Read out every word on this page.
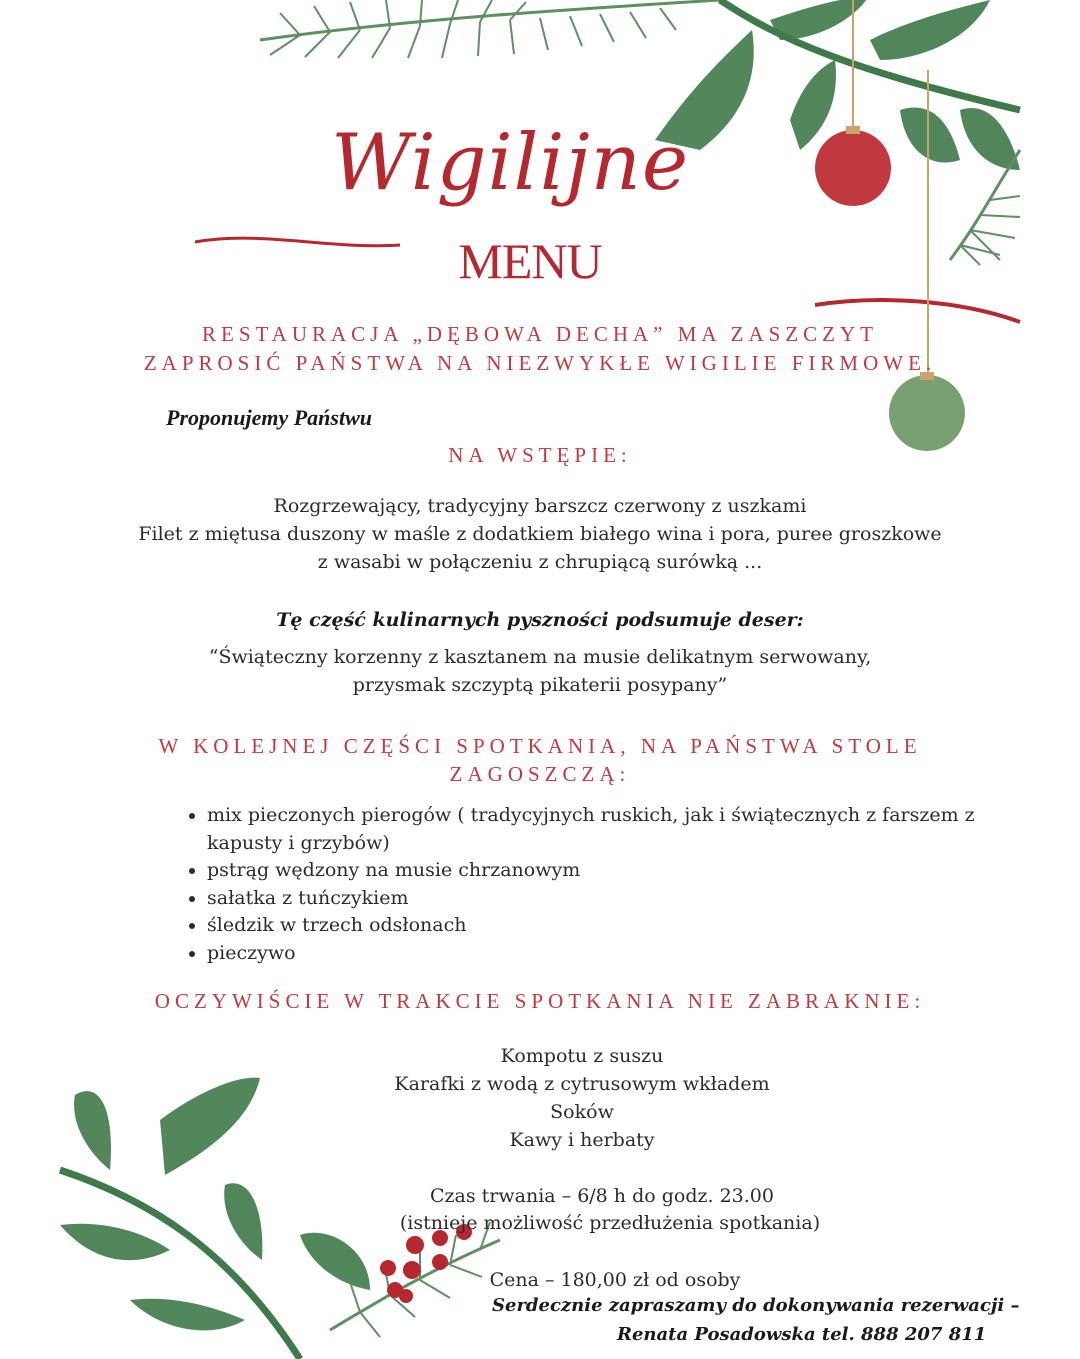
Wigilijne
MENU
RESTAURACJA „DĘBOWA DECHA” MA ZASZCZYT
ZAPROSIĆ PAŃSTWA NA NIEZWYKŁE WIGILIE FIRMOWE.
Proponujemy Państwu
NA WSTĘPIE:
Rozgrzewający, tradycyjny barszcz czerwony z uszkami
Filet z miętusa duszony w maśle z dodatkiem białego wina i pora, puree groszkowe
z wasabi w połączeniu z chrupiącą surówką ...
Tę część kulinarnych pyszności podsumuje deser:
“Świąteczny korzenny z kasztanem na musie delikatnym serwowany,
przysmak szczyptą pikaterii posypany”
W KOLEJNEJ CZĘŚCI SPOTKANIA, NA PAŃSTWA STOLE
ZAGOSZCZĄ:
• mix pieczonych pierogów ( tradycyjnych ruskich, jak i świątecznych z farszem z kapusty i grzybów)
• pstrąg wędzony na musie chrzanowym
• sałatka z tuńczykiem
• śledzik w trzech odsłonach
• pieczywo
OCZYWIŚCIE W TRAKCIE SPOTKANIA NIE ZABRAKNIE:
Kompotu z suszu
Karafki z wodą z cytrusowym wkładem
Soków
Kawy i herbaty
Czas trwania – 6/8 h do godz. 23.00
(istnieje możliwość przedłużenia spotkania)
Cena – 180,00 zł od osoby
Serdecznie zapraszamy do dokonywania rezerwacji –
Renata Posadowska tel. 888 207 811
